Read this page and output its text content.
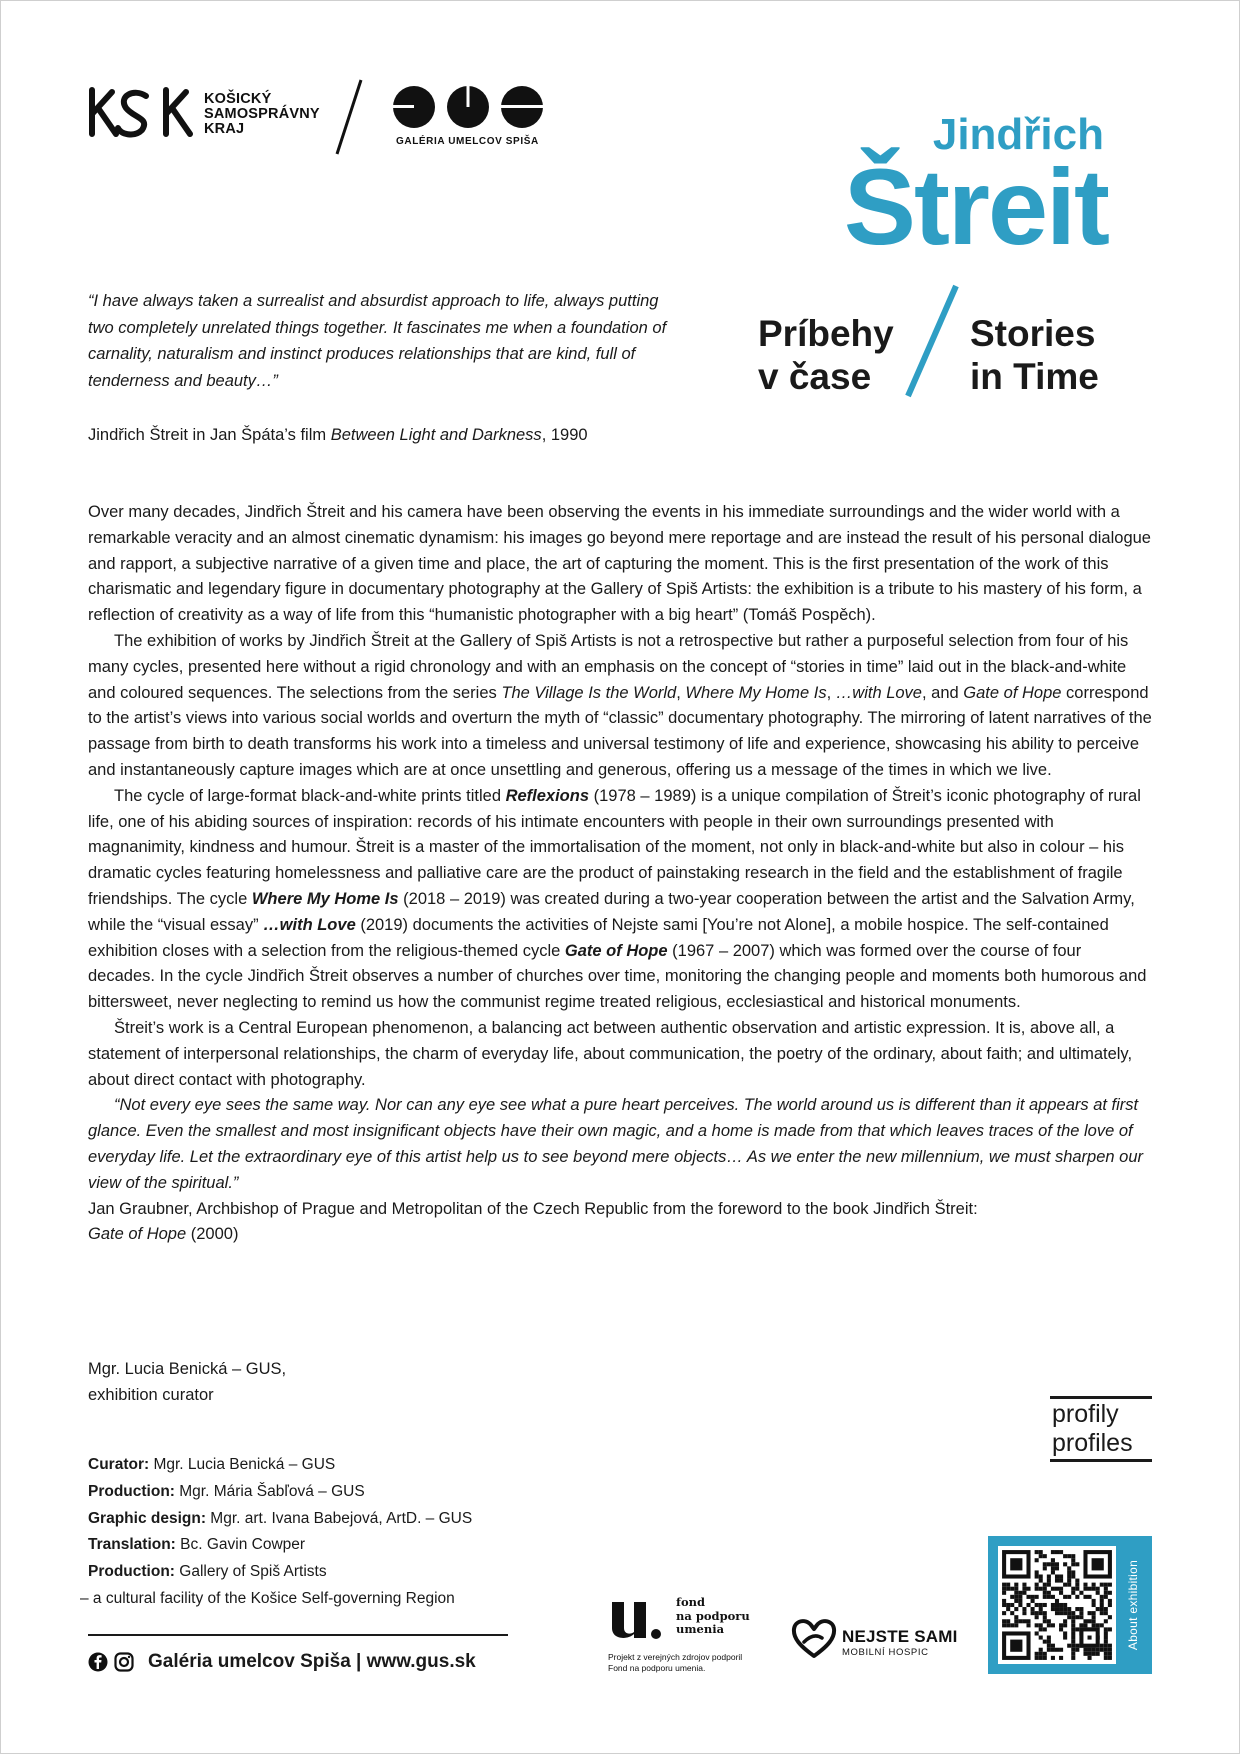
KOŠICKÝ
SAMOSPRÁVNY
KRAJ
GALÉRIA UMELCOV SPIŠA	Jindřich
Štreit
Príbehy
v čase
Stories
in Time
“I have always taken a surrealist and absurdist approach to life, always putting two completely unrelated things together. It fascinates me when a foundation of carnality, naturalism and instinct produces relationships that are kind, full of tenderness and beauty…”
Jindřich Štreit in Jan Špáta’s film Between Light and Darkness, 1990

Over many decades, Jindřich Štreit and his camera have been observing the events in his immediate surroundings and the wider world with a remarkable veracity and an almost cinematic dynamism: his images go beyond mere reportage and are instead the result of his personal dialogue and rapport, a subjective narrative of a given time and place, the art of capturing the moment. This is the first presentation of the work of this charismatic and legendary figure in documentary photography at the Gallery of Spiš Artists: the exhibition is a tribute to his mastery of his form, a reflection of creativity as a way of life from this “humanistic photographer with a big heart” (Tomáš Pospěch).

The exhibition of works by Jindřich Štreit at the Gallery of Spiš Artists is not a retrospective but rather a purposeful selection from four of his many cycles, presented here without a rigid chronology and with an emphasis on the concept of “stories in time” laid out in the black-and-white and coloured sequences. The selections from the series The Village Is the World, Where My Home Is, …with Love, and Gate of Hope correspond to the artist’s views into various social worlds and overturn the myth of “classic” documentary photography. The mirroring of latent narratives of the passage from birth to death transforms his work into a timeless and universal testimony of life and experience, showcasing his ability to perceive and instantaneously capture images which are at once unsettling and generous, offering us a message of the times in which we live.

The cycle of large-format black-and-white prints titled Reflexions (1978 – 1989) is a unique compilation of Štreit’s iconic photography of rural life, one of his abiding sources of inspiration: records of his intimate encounters with people in their own surroundings presented with magnanimity, kindness and humour. Štreit is a master of the immortalisation of the moment, not only in black-and-white but also in colour – his dramatic cycles featuring homelessness and palliative care are the product of painstaking research in the field and the establishment of fragile friendships. The cycle Where My Home Is (2018 – 2019) was created during a two-year cooperation between the artist and the Salvation Army, while the “visual essay” …with Love (2019) documents the activities of Nejste sami [You’re not Alone], a mobile hospice. The self-contained exhibition closes with a selection from the religious-themed cycle Gate of Hope (1967 – 2007) which was formed over the course of four decades. In the cycle Jindřich Štreit observes a number of churches over time, monitoring the changing people and moments both humorous and bittersweet, never neglecting to remind us how the communist regime treated religious, ecclesiastical and historical monuments.

Štreit’s work is a Central European phenomenon, a balancing act between authentic observation and artistic expression. It is, above all, a statement of interpersonal relationships, the charm of everyday life, about communication, the poetry of the ordinary, about faith; and ultimately, about direct contact with photography.

“Not every eye sees the same way. Nor can any eye see what a pure heart perceives. The world around us is different than it appears at first glance. Even the smallest and most insignificant objects have their own magic, and a home is made from that which leaves traces of the love of everyday life. Let the extraordinary eye of this artist help us to see beyond mere objects… As we enter the new millennium, we must sharpen our view of the spiritual.”

Jan Graubner, Archbishop of Prague and Metropolitan of the Czech Republic from the foreword to the book Jindřich Štreit:
Gate of Hope (2000)

Mgr. Lucia Benická – GUS,
exhibition curator
Curator: Mgr. Lucia Benická – GUS
Production: Mgr. Mária Šabľová – GUS
Graphic design: Mgr. art. Ivana Babejová, ArtD. – GUS
Translation: Bc. Gavin Cowper
Production: Gallery of Spiš Artists
– a cultural facility of the Košice Self-governing Region
Galéria umelcov Spiša | www.gus.sk
profily
profiles
fond
na podporu
umenia
Projekt z verejných zdrojov podporil
Fond na podporu umenia.
NEJSTE SAMI
MOBILNÍ HOSPIC
About exhibition
